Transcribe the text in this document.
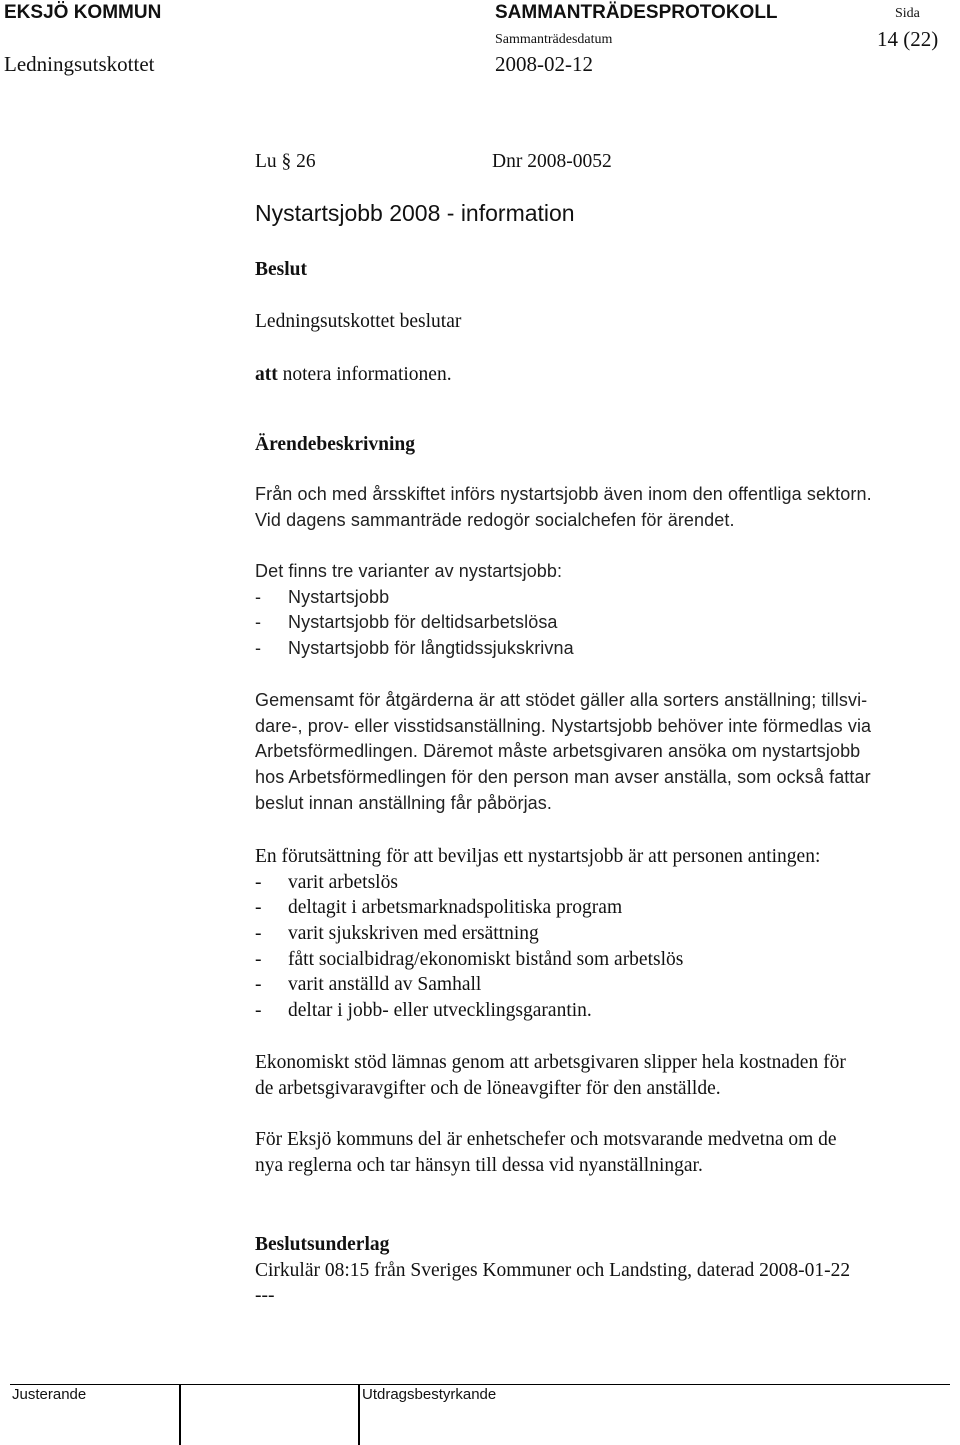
EKSJÖ KOMMUN	SAMMANTRÄDESPROTOKOLL	Sida
14 (22)
Sammanträdesdatum
Ledningsutskottet	2008-02-12
Lu § 26	Dnr 2008-0052
Nystartsjobb 2008 - information
Beslut
Ledningsutskottet beslutar
att notera informationen.
Ärendebeskrivning
Från och med årsskiftet införs nystartsjobb även inom den offentliga sektorn.
Vid dagens sammanträde redogör socialchefen för ärendet.
Det finns tre varianter av nystartsjobb:
- Nystartsjobb
- Nystartsjobb för deltidsarbetslösa
- Nystartsjobb för långtidssjukskrivna
Gemensamt för åtgärderna är att stödet gäller alla sorters anställning; tillsvi-
dare-, prov- eller visstidsanställning. Nystartsjobb behöver inte förmedlas via
Arbetsförmedlingen. Däremot måste arbetsgivaren ansöka om nystartsjobb
hos Arbetsförmedlingen för den person man avser anställa, som också fattar
beslut innan anställning får påbörjas.
En förutsättning för att beviljas ett nystartsjobb är att personen antingen:
- varit arbetslös
- deltagit i arbetsmarknadspolitiska program
- varit sjukskriven med ersättning
- fått socialbidrag/ekonomiskt bistånd som arbetslös
- varit anställd av Samhall
- deltar i jobb- eller utvecklingsgarantin.
Ekonomiskt stöd lämnas genom att arbetsgivaren slipper hela kostnaden för
de arbetsgivaravgifter och de löneavgifter för den anställde.
För Eksjö kommuns del är enhetschefer och motsvarande medvetna om de
nya reglerna och tar hänsyn till dessa vid nyanställningar.
Beslutsunderlag
Cirkulär 08:15 från Sveriges Kommuner och Landsting, daterad 2008-01-22
---
Justerande	Utdragsbestyrkande
